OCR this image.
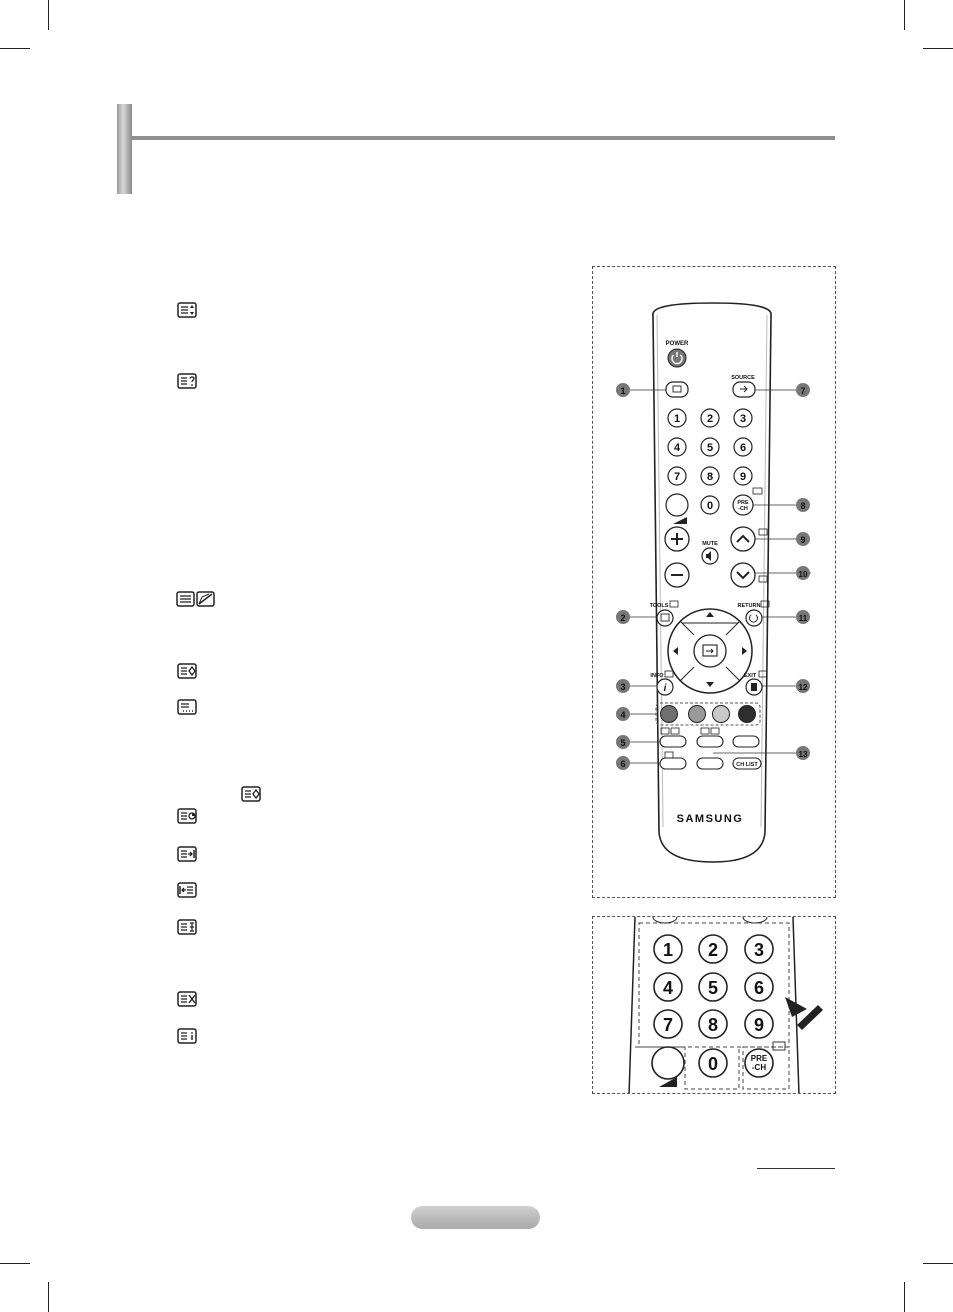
POWER
SOURCE
1 2 3
4 5 6
7 8 9
0	PRE
-CH
MUTE
TOOLS	RETURN
INFO
i
EXIT
CH LIST
SAMSUNG
1
2
3
4
5
6
7
8
9
10
11
12
13
1 2 3
4 5 6
7 8 9
0	PRE
-CH
